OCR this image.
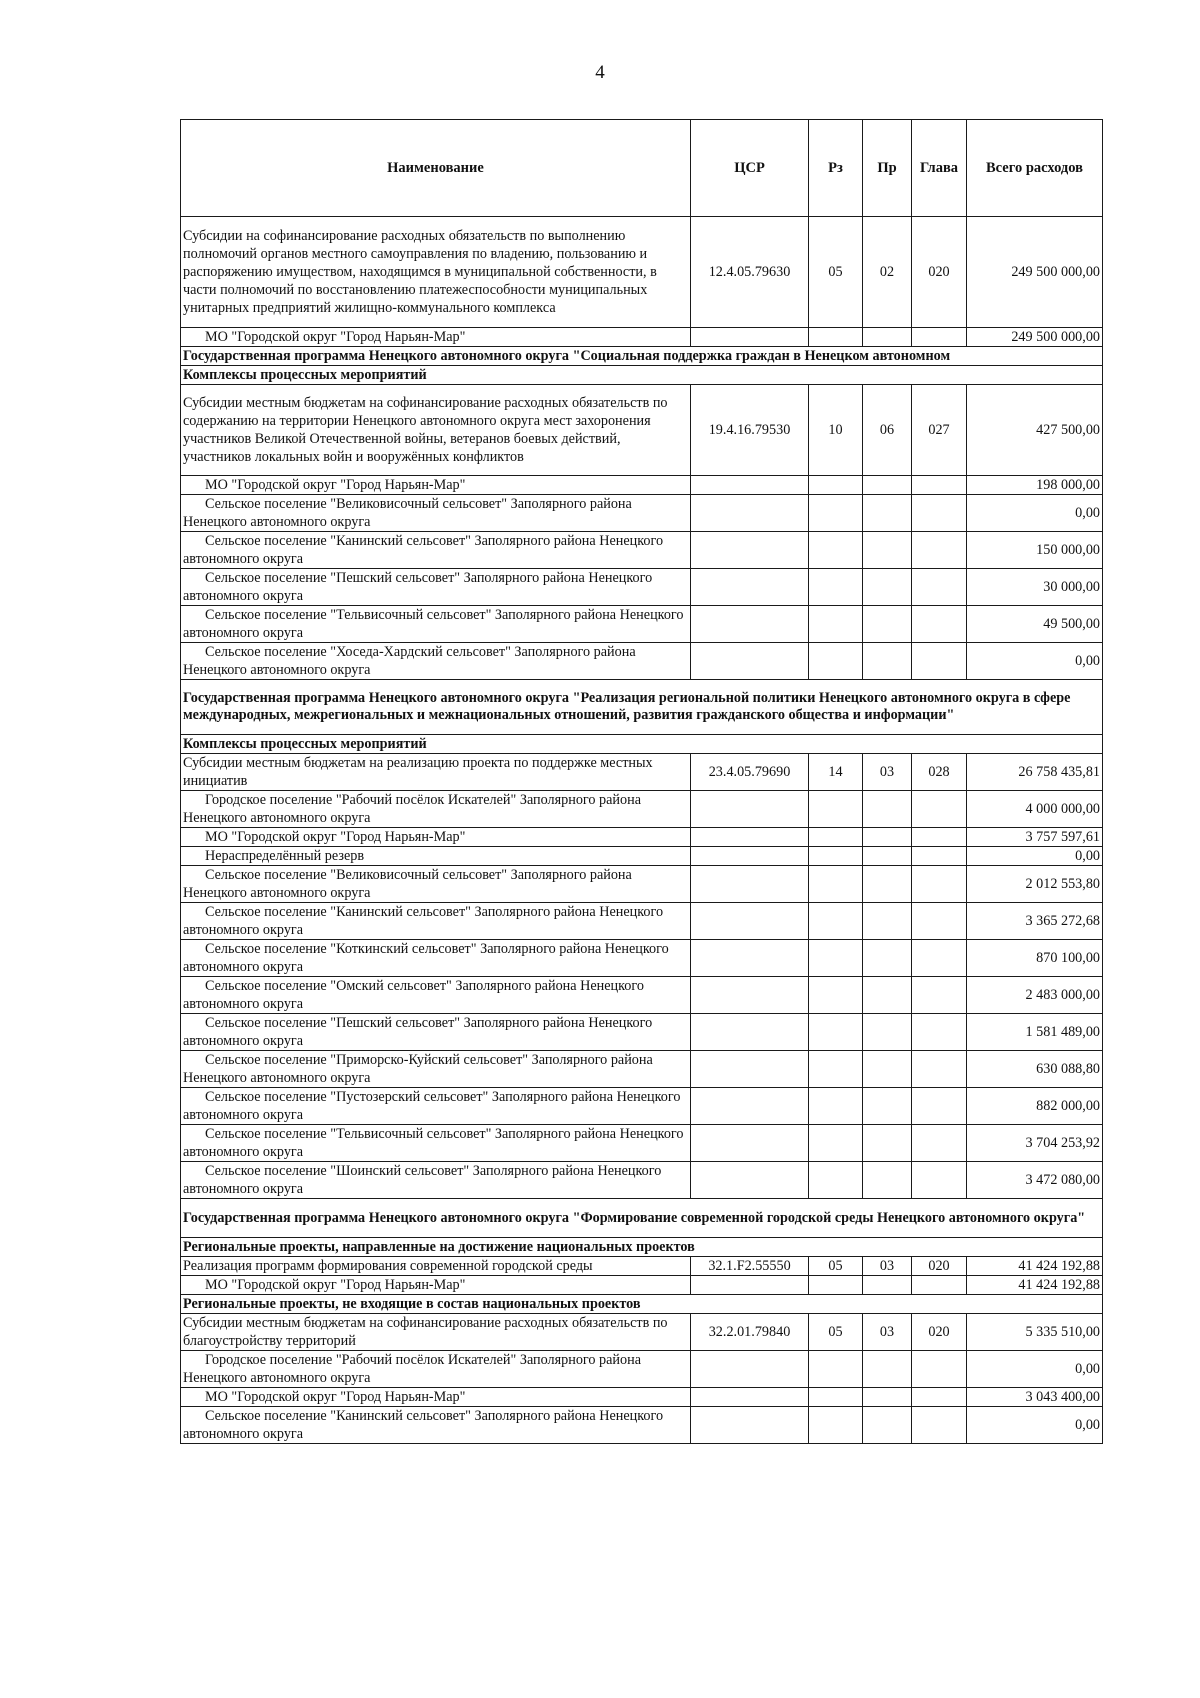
4
Наименование	ЦСР	Рз	Пр	Глава	Всего расходов
Субсидии на софинансирование расходных обязательств по выполнению полномочий органов местного самоуправления по владению, пользованию и распоряжению имуществом, находящимся в муниципальной собственности, в части полномочий по восстановлению платежеспособности муниципальных унитарных предприятий жилищно-коммунального комплекса	12.4.05.79630	05	02	020	249 500 000,00
МО "Городской округ "Город Нарьян-Мар"					249 500 000,00
Государственная программа Ненецкого автономного округа "Социальная поддержка граждан в Ненецком автономном					
Комплексы процессных мероприятий					
Субсидии местным бюджетам на софинансирование расходных обязательств по содержанию на территории Ненецкого автономного округа мест захоронения участников Великой Отечественной войны, ветеранов боевых действий, участников локальных войн и вооружённых конфликтов	19.4.16.79530	10	06	027	427 500,00
МО "Городской округ "Город Нарьян-Мар"					198 000,00
Сельское поселение "Великовисочный сельсовет" Заполярного района Ненецкого автономного округа					0,00
Сельское поселение "Канинский сельсовет" Заполярного района Ненецкого автономного округа					150 000,00
Сельское поселение "Пешский сельсовет" Заполярного района Ненецкого автономного округа					30 000,00
Сельское поселение "Тельвисочный сельсовет" Заполярного района Ненецкого автономного округа					49 500,00
Сельское поселение "Хоседа-Хардский сельсовет" Заполярного района Ненецкого автономного округа					0,00
Государственная программа Ненецкого автономного округа "Реализация региональной политики Ненецкого автономного округа в сфере международных, межрегиональных и межнациональных отношений, развития гражданского общества и информации"					
Комплексы процессных мероприятий					
Субсидии местным бюджетам на реализацию проекта по поддержке местных инициатив	23.4.05.79690	14	03	028	26 758 435,81
Городское поселение "Рабочий посёлок Искателей" Заполярного района Ненецкого автономного округа					4 000 000,00
МО "Городской округ "Город Нарьян-Мар"					3 757 597,61
Нераспределённый резерв					0,00
Сельское поселение "Великовисочный сельсовет" Заполярного района Ненецкого автономного округа					2 012 553,80
Сельское поселение "Канинский сельсовет" Заполярного района Ненецкого автономного округа					3 365 272,68
Сельское поселение "Коткинский сельсовет" Заполярного района Ненецкого автономного округа					870 100,00
Сельское поселение "Омский сельсовет" Заполярного района Ненецкого автономного округа					2 483 000,00
Сельское поселение "Пешский сельсовет" Заполярного района Ненецкого автономного округа					1 581 489,00
Сельское поселение "Приморско-Куйский сельсовет" Заполярного района Ненецкого автономного округа					630 088,80
Сельское поселение "Пустозерский сельсовет" Заполярного района Ненецкого автономного округа					882 000,00
Сельское поселение "Тельвисочный сельсовет" Заполярного района Ненецкого автономного округа					3 704 253,92
Сельское поселение "Шоинский сельсовет" Заполярного района Ненецкого автономного округа					3 472 080,00
Государственная программа Ненецкого автономного округа "Формирование современной городской среды Ненецкого автономного округа"					
Региональные проекты, направленные на достижение национальных проектов					
Реализация программ формирования современной городской среды	32.1.F2.55550	05	03	020	41 424 192,88
МО "Городской округ "Город Нарьян-Мар"					41 424 192,88
Региональные проекты, не входящие в состав национальных проектов					
Субсидии местным бюджетам на софинансирование расходных обязательств по благоустройству территорий	32.2.01.79840	05	03	020	5 335 510,00
Городское поселение "Рабочий посёлок Искателей" Заполярного района Ненецкого автономного округа					0,00
МО "Городской округ "Город Нарьян-Мар"					3 043 400,00
Сельское поселение "Канинский сельсовет" Заполярного района Ненецкого автономного округа					0,00
